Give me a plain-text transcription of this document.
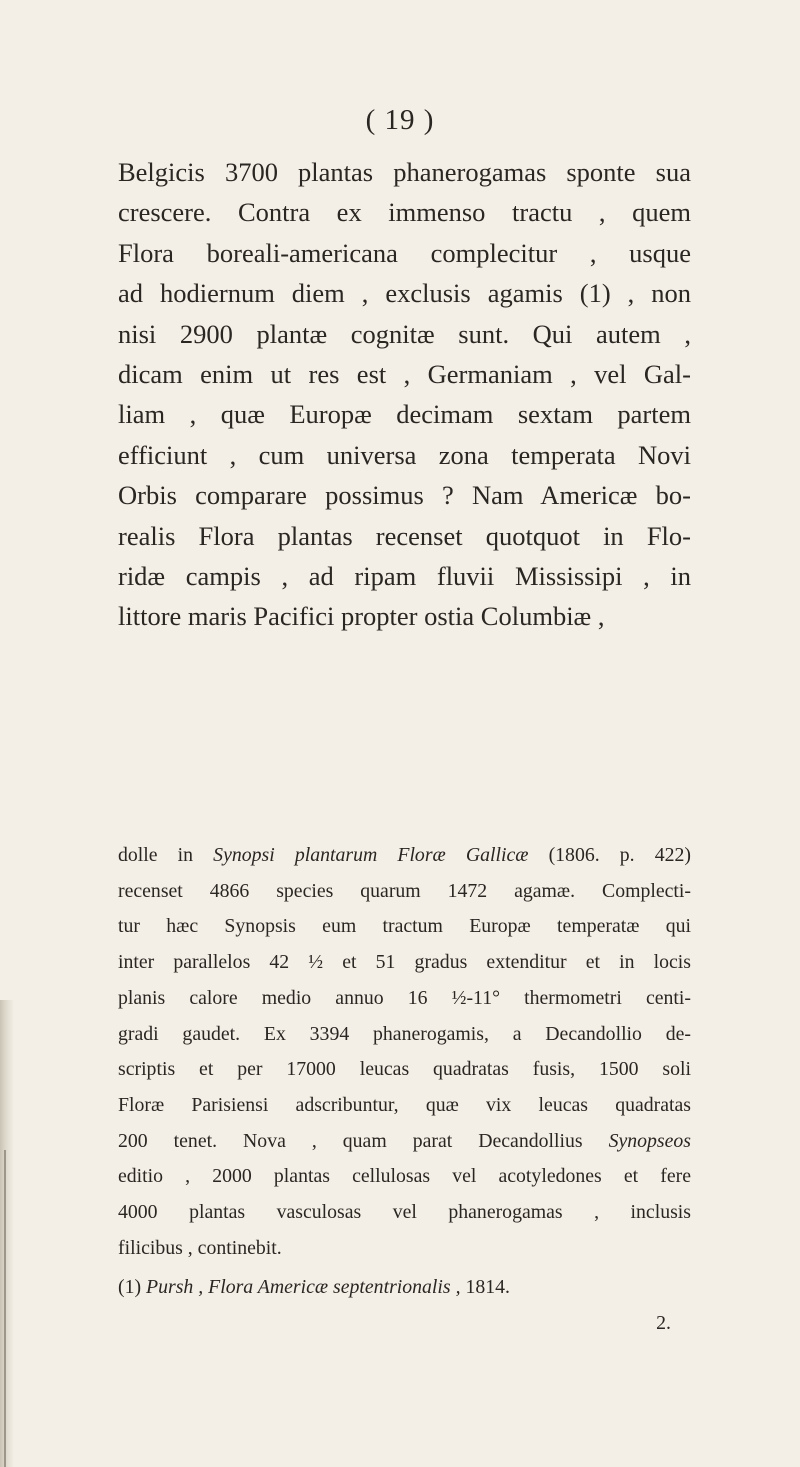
( 19 )
Belgicis 3700 plantas phanerogamas sponte sua
crescere. Contra ex immenso tractu , quem
Flora boreali-americana complecitur , usque
ad hodiernum diem , exclusis agamis (1) , non
nisi 2900 plantæ cognitæ sunt. Qui autem ,
dicam enim ut res est , Germaniam , vel Gal-
liam , quæ Europæ decimam sextam partem
efficiunt , cum universa zona temperata Novi
Orbis comparare possimus ? Nam Americæ bo-
realis Flora plantas recenset quotquot in Flo-
ridæ campis , ad ripam fluvii Mississipi , in
littore maris Pacifici propter ostia Columbiæ ,
dolle in Synopsi plantarum Floræ Gallicæ (1806. p. 422)
recenset 4866 species quarum 1472 agamæ. Complecti-
tur hæc Synopsis eum tractum Europæ temperatæ qui
inter parallelos 42 ½ et 51 gradus extenditur et in locis
planis calore medio annuo 16 ½-11° thermometri centi-
gradi gaudet. Ex 3394 phanerogamis, a Decandollio de-
scriptis et per 17000 leucas quadratas fusis, 1500 soli
Floræ Parisiensi adscribuntur, quæ vix leucas quadratas
200 tenet. Nova , quam parat Decandollius Synopseos
editio , 2000 plantas cellulosas vel acotyledones et fere
4000 plantas vasculosas vel phanerogamas , inclusis
filicibus , continebit.
(1) Pursh , Flora Americæ septentrionalis , 1814.
2.
